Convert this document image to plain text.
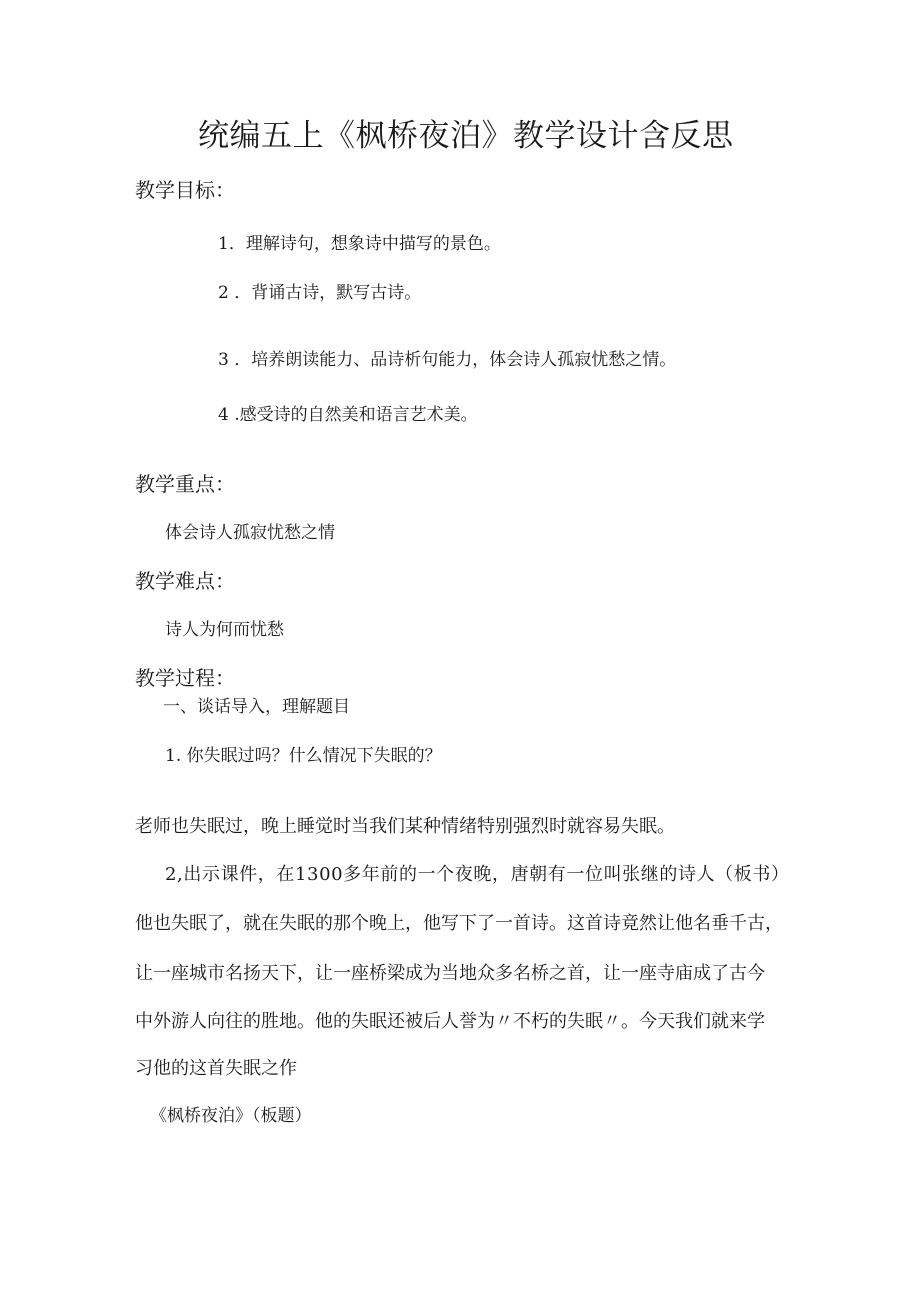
统编五上《枫桥夜泊》教学设计含反思
教学目标：
1．理解诗句，想象诗中描写的景色。
2 ．背诵古诗，默写古诗。
3 ．培养朗读能力、品诗析句能力，体会诗人孤寂忧愁之情。
4 .感受诗的自然美和语言艺术美。
教学重点：
体会诗人孤寂忧愁之情
教学难点：
诗人为何而忧愁
教学过程：
一、谈话导入，理解题目
1. 你失眠过吗？什么情况下失眠的？
老师也失眠过，晚上睡觉时当我们某种情绪特别强烈时就容易失眠。
2,出示课件，在1300多年前的一个夜晚，唐朝有一位叫张继的诗人（板书）
他也失眠了，就在失眠的那个晚上，他写下了一首诗。这首诗竟然让他名垂千古，
让一座城市名扬天下，让一座桥梁成为当地众多名桥之首，让一座寺庙成了古今
中外游人向往的胜地。他的失眠还被后人誉为〃不朽的失眠〃。今天我们就来学
习他的这首失眠之作
《枫桥夜泊》（板题）
